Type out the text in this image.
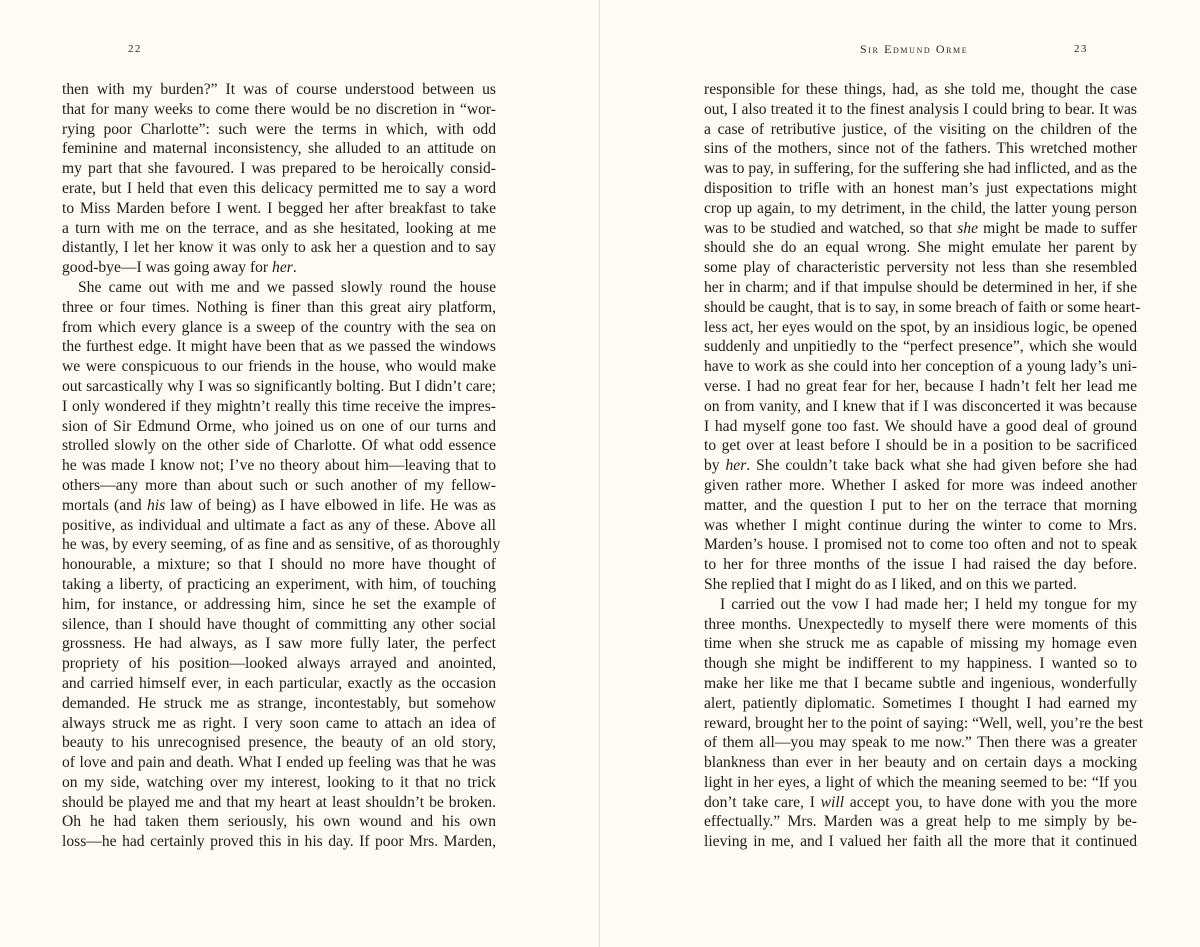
22
then with my burden?” It was of course understood between us
that for many weeks to come there would be no discretion in “wor-
rying poor Charlotte”: such were the terms in which, with odd
feminine and maternal inconsistency, she alluded to an attitude on
my part that she favoured. I was prepared to be heroically consid-
erate, but I held that even this delicacy permitted me to say a word
to Miss Marden before I went. I begged her after breakfast to take
a turn with me on the terrace, and as she hesitated, looking at me
distantly, I let her know it was only to ask her a question and to say
good-bye—I was going away for her.
She came out with me and we passed slowly round the house
three or four times. Nothing is finer than this great airy platform,
from which every glance is a sweep of the country with the sea on
the furthest edge. It might have been that as we passed the windows
we were conspicuous to our friends in the house, who would make
out sarcastically why I was so significantly bolting. But I didn’t care;
I only wondered if they mightn’t really this time receive the impres-
sion of Sir Edmund Orme, who joined us on one of our turns and
strolled slowly on the other side of Charlotte. Of what odd essence
he was made I know not; I’ve no theory about him—leaving that to
others—any more than about such or such another of my fellow-
mortals (and his law of being) as I have elbowed in life. He was as
positive, as individual and ultimate a fact as any of these. Above all
he was, by every seeming, of as fine and as sensitive, of as thoroughly
honourable, a mixture; so that I should no more have thought of
taking a liberty, of practicing an experiment, with him, of touching
him, for instance, or addressing him, since he set the example of
silence, than I should have thought of committing any other social
grossness. He had always, as I saw more fully later, the perfect
propriety of his position—looked always arrayed and anointed,
and carried himself ever, in each particular, exactly as the occasion
demanded. He struck me as strange, incontestably, but somehow
always struck me as right. I very soon came to attach an idea of
beauty to his unrecognised presence, the beauty of an old story,
of love and pain and death. What I ended up feeling was that he was
on my side, watching over my interest, looking to it that no trick
should be played me and that my heart at least shouldn’t be broken.
Oh he had taken them seriously, his own wound and his own
loss—he had certainly proved this in his day. If poor Mrs. Marden,
Sir Edmund Orme	23
responsible for these things, had, as she told me, thought the case
out, I also treated it to the finest analysis I could bring to bear. It was
a case of retributive justice, of the visiting on the children of the
sins of the mothers, since not of the fathers. This wretched mother
was to pay, in suffering, for the suffering she had inflicted, and as the
disposition to trifle with an honest man’s just expectations might
crop up again, to my detriment, in the child, the latter young person
was to be studied and watched, so that she might be made to suffer
should she do an equal wrong. She might emulate her parent by
some play of characteristic perversity not less than she resembled
her in charm; and if that impulse should be determined in her, if she
should be caught, that is to say, in some breach of faith or some heart-
less act, her eyes would on the spot, by an insidious logic, be opened
suddenly and unpitiedly to the “perfect presence”, which she would
have to work as she could into her conception of a young lady’s uni-
verse. I had no great fear for her, because I hadn’t felt her lead me
on from vanity, and I knew that if I was disconcerted it was because
I had myself gone too fast. We should have a good deal of ground
to get over at least before I should be in a position to be sacrificed
by her. She couldn’t take back what she had given before she had
given rather more. Whether I asked for more was indeed another
matter, and the question I put to her on the terrace that morning
was whether I might continue during the winter to come to Mrs.
Marden’s house. I promised not to come too often and not to speak
to her for three months of the issue I had raised the day before.
She replied that I might do as I liked, and on this we parted.
I carried out the vow I had made her; I held my tongue for my
three months. Unexpectedly to myself there were moments of this
time when she struck me as capable of missing my homage even
though she might be indifferent to my happiness. I wanted so to
make her like me that I became subtle and ingenious, wonderfully
alert, patiently diplomatic. Sometimes I thought I had earned my
reward, brought her to the point of saying: “Well, well, you’re the best
of them all—you may speak to me now.” Then there was a greater
blankness than ever in her beauty and on certain days a mocking
light in her eyes, a light of which the meaning seemed to be: “If you
don’t take care, I will accept you, to have done with you the more
effectually.” Mrs. Marden was a great help to me simply by be-
lieving in me, and I valued her faith all the more that it continued
